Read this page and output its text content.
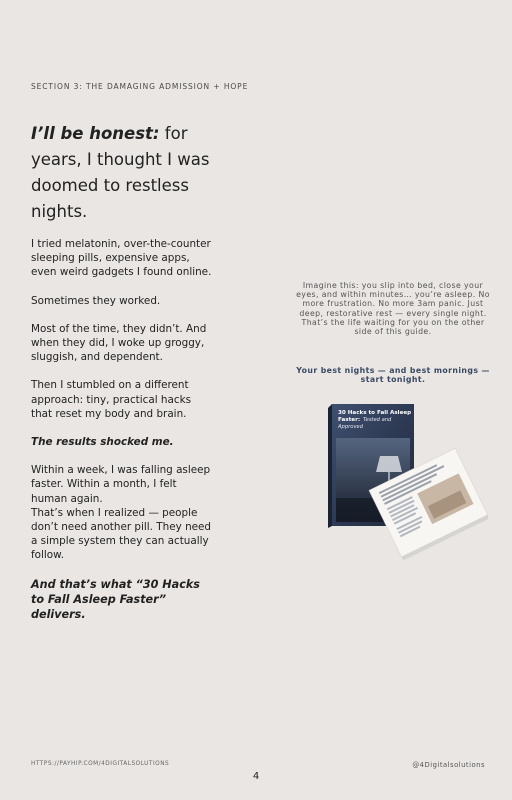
SECTION 3: THE DAMAGING ADMISSION + HOPE
I’ll be honest: for years, I thought I was doomed to restless nights.

I tried melatonin, over-the-counter sleeping pills, expensive apps, even weird gadgets I found online.

Sometimes they worked.

Most of the time, they didn’t. And when they did, I woke up groggy, sluggish, and dependent.

Then I stumbled on a different approach: tiny, practical hacks that reset my body and brain.

The results shocked me.

Within a week, I was falling asleep faster. Within a month, I felt human again.

That’s when I realized — people don’t need another pill. They need a simple system they can actually follow.

And that’s what “30 Hacks to Fall Asleep Faster” delivers.

Imagine this: you slip into bed, close your eyes, and within minutes… you’re asleep. No more frustration. No more 3am panic. Just deep, restorative rest — every single night.

That’s the life waiting for you on the other side of this guide.

Your best nights — and best mornings — start tonight.
30 Hacks to Fall Asleep
Faster: Tested and
Approved
HTTPS://PAYHIP.COM/4DIGITALSOLUTIONS	@4Digitalsolutions
4
